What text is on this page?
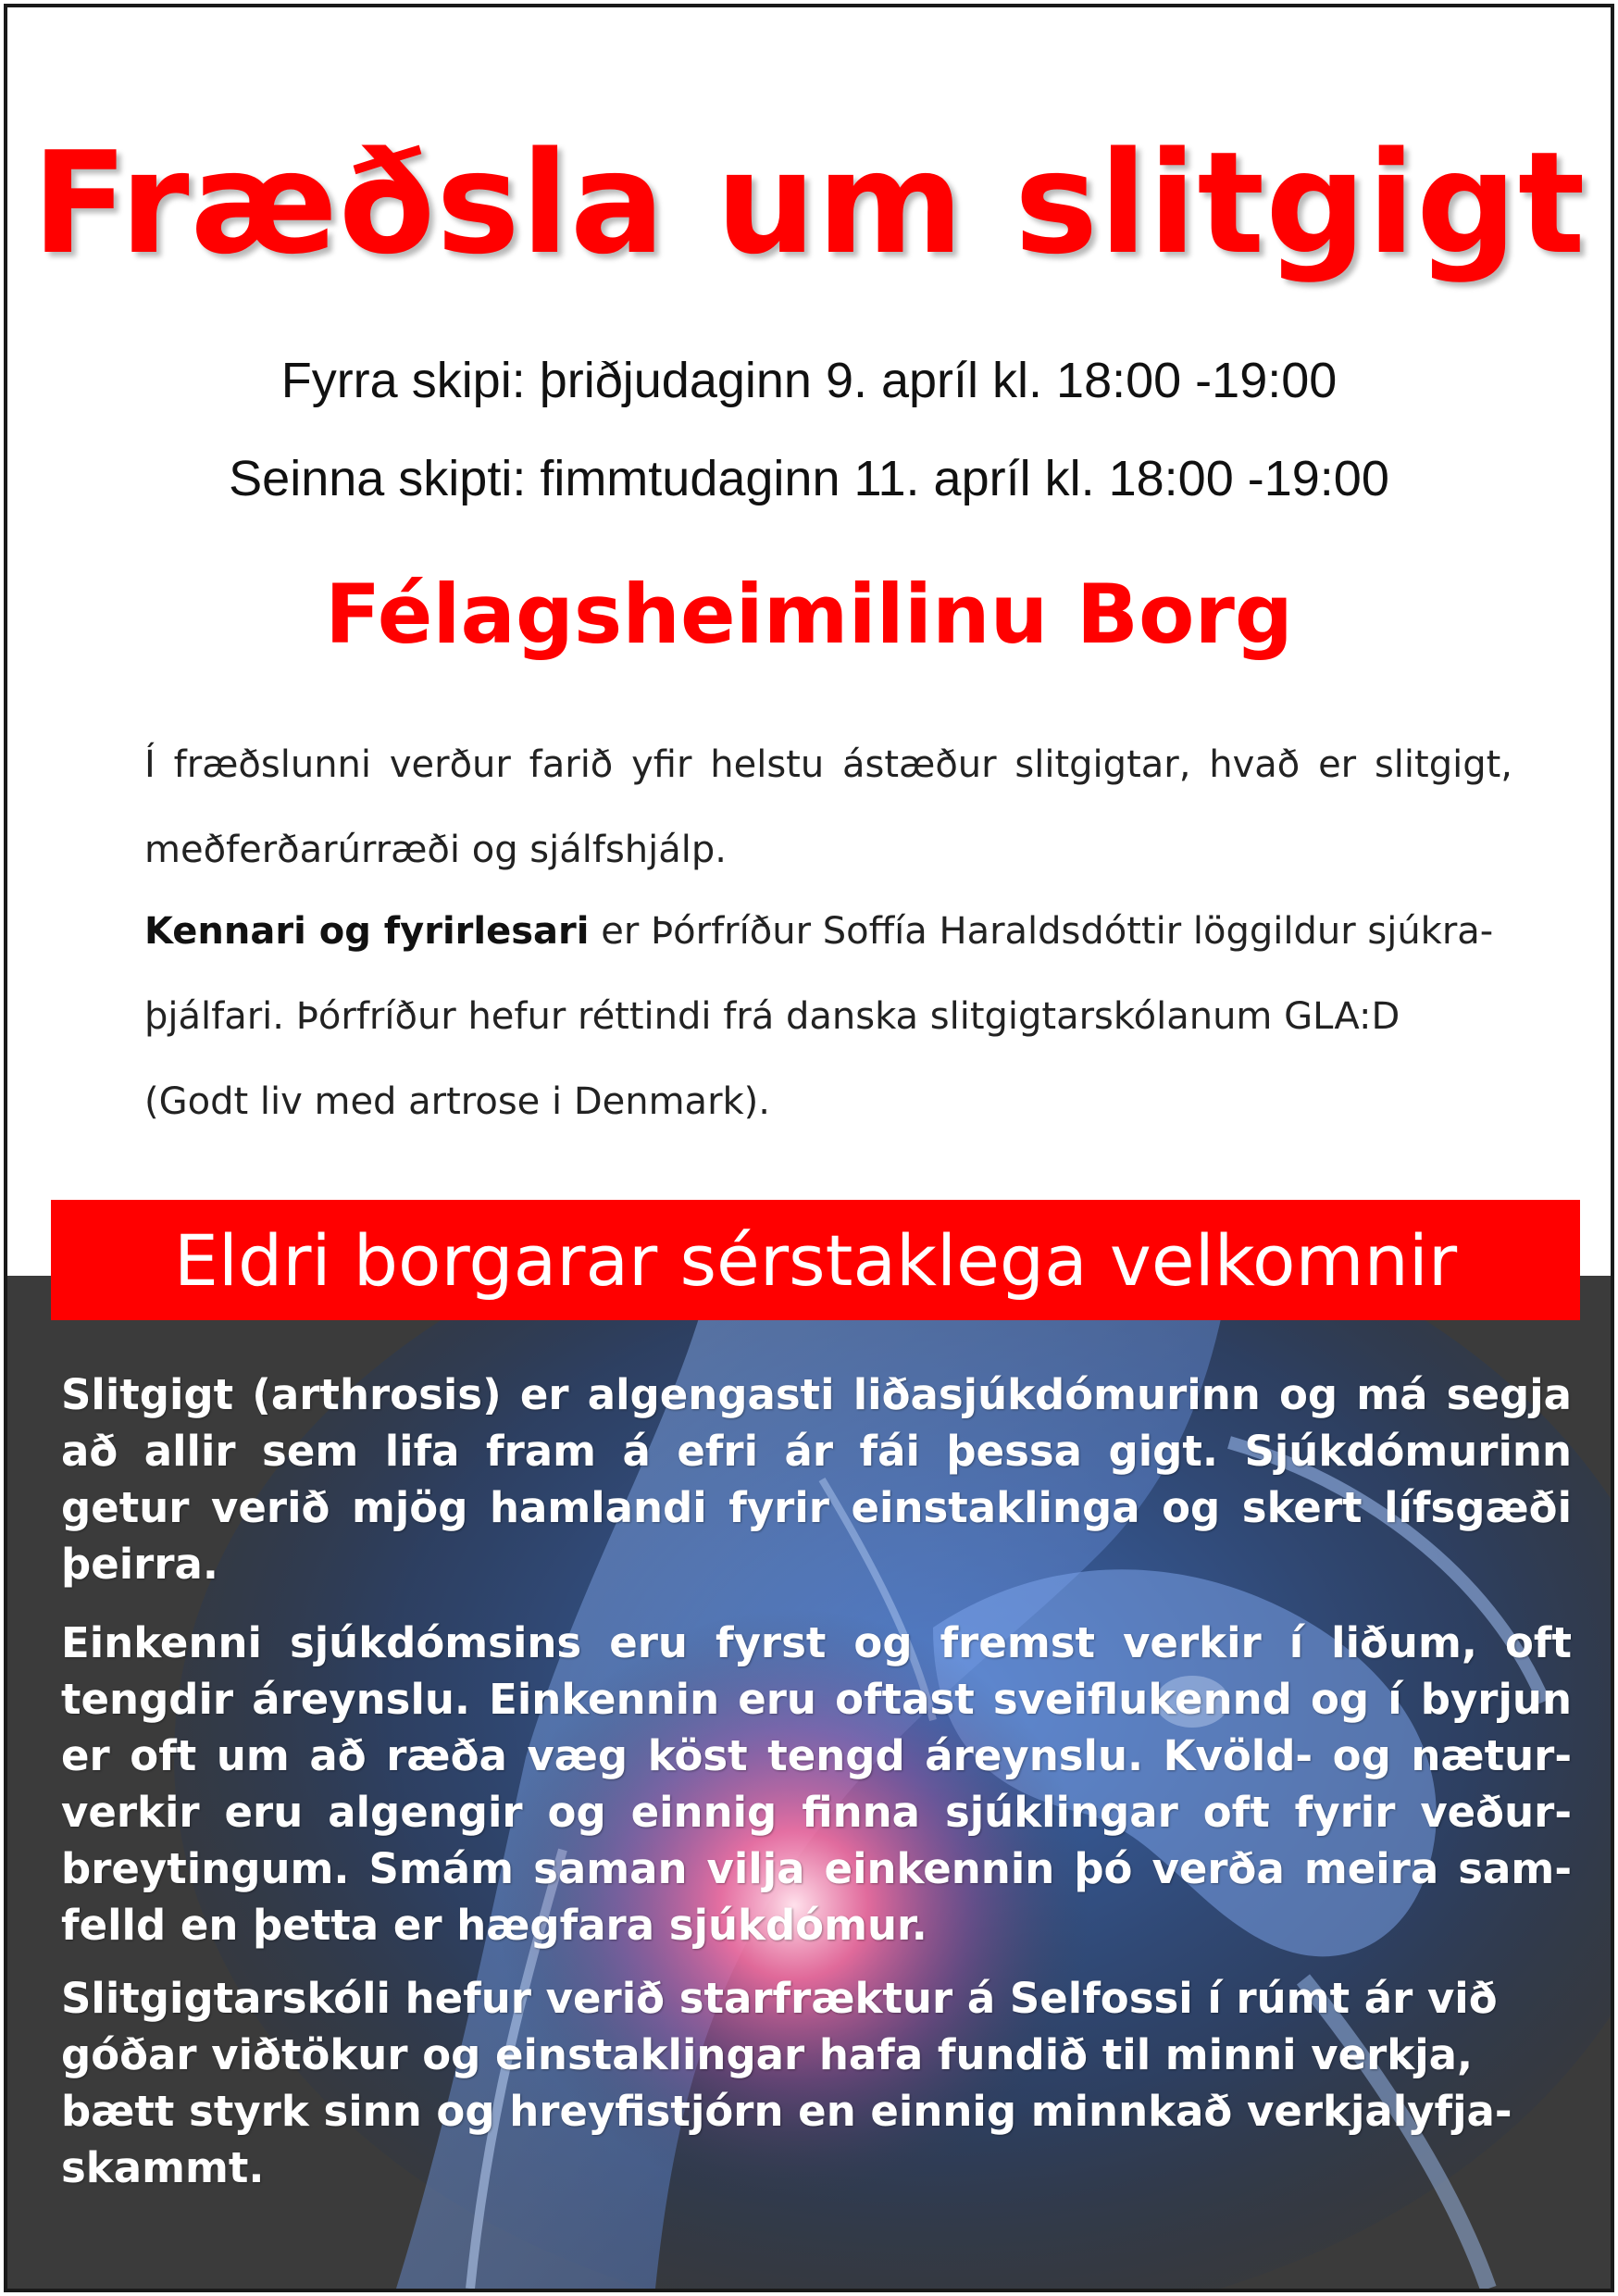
Fræðsla um slitgigt

Fyrra skipi: þriðjudaginn 9. apríl kl. 18:00 -19:00

Seinna skipti: fimmtudaginn 11. apríl kl. 18:00 -19:00

Félagsheimilinu Borg

Í fræðslunni verður farið yfir helstu ástæður slitgigtar, hvað er slitgigt, meðferðarúrræði og sjálfshjálp.

Kennari og fyrirlesari er Þórfríður Soffía Haraldsdóttir löggildur sjúkra-þjálfari. Þórfríður hefur réttindi frá danska slitgigtarskólanum GLA:D (Godt liv med artrose i Denmark).

Eldri borgarar sérstaklega velkomnir

Slitgigt (arthrosis) er algengasti liðasjúkdómurinn og má segja að allir sem lifa fram á efri ár fái þessa gigt. Sjúkdómurinn getur verið mjög hamlandi fyrir einstaklinga og skert lífsgæði þeirra.

Einkenni sjúkdómsins eru fyrst og fremst verkir í liðum, oft tengdir áreynslu. Einkennin eru oftast sveiflukennd og í byrjun er oft um að ræða væg köst tengd áreynslu. Kvöld- og nætur-verkir eru algengir og einnig finna sjúklingar oft fyrir veður-breytingum. Smám saman vilja einkennin þó verða meira sam-felld en þetta er hægfara sjúkdómur.

Slitgigtarskóli hefur verið starfræktur á Selfossi í rúmt ár við góðar viðtökur og einstaklingar hafa fundið til minni verkja, bætt styrk sinn og hreyfistjórn en einnig minnkað verkjalyfja-skammt.
